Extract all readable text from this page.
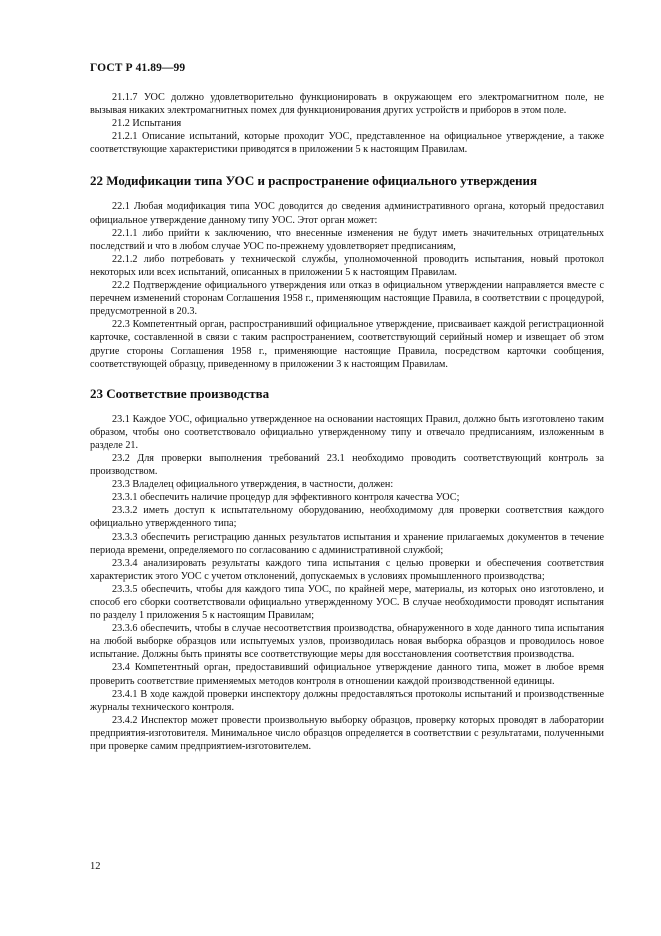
ГОСТ Р 41.89—99
21.1.7 УОС должно удовлетворительно функционировать в окружающем его электромагнитном поле, не вызывая никаких электромагнитных помех для функционирования других устройств и приборов в этом поле.
21.2 Испытания
21.2.1 Описание испытаний, которые проходит УОС, представленное на официальное утверждение, а также соответствующие характеристики приводятся в приложении 5 к настоящим Правилам.
22 Модификации типа УОС и распространение официального утверждения
22.1 Любая модификация типа УОС доводится до сведения административного органа, который предоставил официальное утверждение данному типу УОС. Этот орган может:
22.1.1 либо прийти к заключению, что внесенные изменения не будут иметь значительных отрицательных последствий и что в любом случае УОС по-прежнему удовлетворяет предписаниям,
22.1.2 либо потребовать у технической службы, уполномоченной проводить испытания, новый протокол некоторых или всех испытаний, описанных в приложении 5 к настоящим Правилам.
22.2 Подтверждение официального утверждения или отказ в официальном утверждении направляется вместе с перечнем изменений сторонам Соглашения 1958 г., применяющим настоящие Правила, в соответствии с процедурой, предусмотренной в 20.3.
22.3 Компетентный орган, распространивший официальное утверждение, присваивает каждой регистрационной карточке, составленной в связи с таким распространением, соответствующий серийный номер и извещает об этом другие стороны Соглашения 1958 г., применяющие настоящие Правила, посредством карточки сообщения, соответствующей образцу, приведенному в приложении 3 к настоящим Правилам.
23 Соответствие производства
23.1 Каждое УОС, официально утвержденное на основании настоящих Правил, должно быть изготовлено таким образом, чтобы оно соответствовало официально утвержденному типу и отвечало предписаниям, изложенным в разделе 21.
23.2 Для проверки выполнения требований 23.1 необходимо проводить соответствующий контроль за производством.
23.3 Владелец официального утверждения, в частности, должен:
23.3.1 обеспечить наличие процедур для эффективного контроля качества УОС;
23.3.2 иметь доступ к испытательному оборудованию, необходимому для проверки соответствия каждого официально утвержденного типа;
23.3.3 обеспечить регистрацию данных результатов испытания и хранение прилагаемых документов в течение периода времени, определяемого по согласованию с административной службой;
23.3.4 анализировать результаты каждого типа испытания с целью проверки и обеспечения соответствия характеристик этого УОС с учетом отклонений, допускаемых в условиях промышленного производства;
23.3.5 обеспечить, чтобы для каждого типа УОС, по крайней мере, материалы, из которых оно изготовлено, и способ его сборки соответствовали официально утвержденному УОС. В случае необходимости проводят испытания по разделу 1 приложения 5 к настоящим Правилам;
23.3.6 обеспечить, чтобы в случае несоответствия производства, обнаруженного в ходе данного типа испытания на любой выборке образцов или испытуемых узлов, производилась новая выборка образцов и проводилось новое испытание. Должны быть приняты все соответствующие меры для восстановления соответствия производства.
23.4 Компетентный орган, предоставивший официальное утверждение данного типа, может в любое время проверить соответствие применяемых методов контроля в отношении каждой производственной единицы.
23.4.1 В ходе каждой проверки инспектору должны предоставляться протоколы испытаний и производственные журналы технического контроля.
23.4.2 Инспектор может провести произвольную выборку образцов, проверку которых проводят в лаборатории предприятия-изготовителя. Минимальное число образцов определяется в соответствии с результатами, полученными при проверке самим предприятием-изготовителем.
12
